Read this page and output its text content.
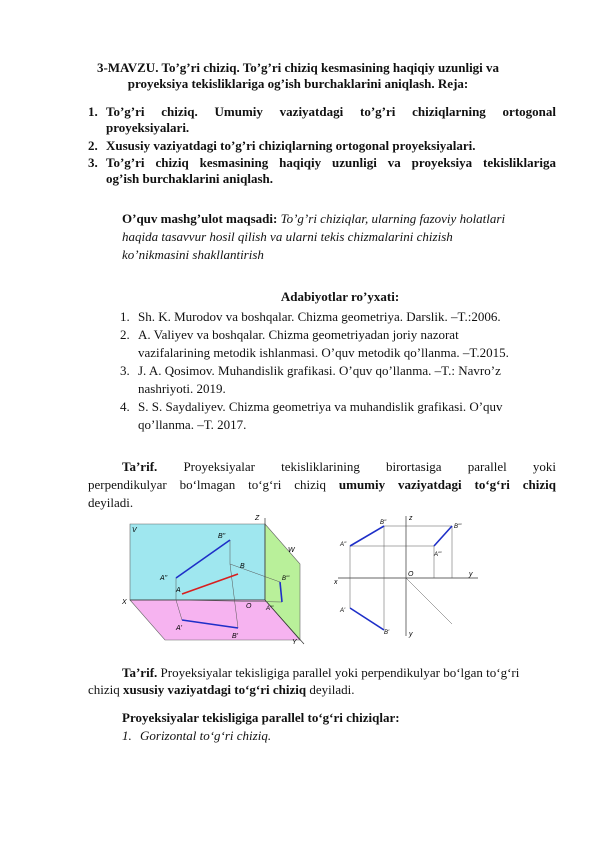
3-MAVZU. To’g’ri chiziq. To’g’ri chiziq kesmasining haqiqiy uzunligi va
proyeksiya tekisliklariga og’ish burchaklarini aniqlash. Reja:
1. To’g’ri chiziq. Umumiy vaziyatdagi to’g’ri chiziqlarning ortogonal
proyeksiyalari.
2. Xususiy vaziyatdagi to’g’ri chiziqlarning ortogonal proyeksiyalari.
3. To’g’ri chiziq kesmasining haqiqiy uzunligi va proyeksiya tekisliklariga
og’ish burchaklarini aniqlash.
O’quv mashg’ulot maqsadi: To’g’ri chiziqlar, ularning fazoviy holatlari
haqida tasavvur hosil qilish va ularni tekis chizmalarini chizish
ko’nikmasini shakllantirish
Adabiyotlar ro’yxati:
1. Sh. K. Murodov va boshqalar. Chizma geometriya. Darslik. –T.:2006.
2. A. Valiyev va boshqalar. Chizma geometriyadan joriy nazorat
vazifalarining metodik ishlanmasi. O’quv metodik qo’llanma. –T.2015.
3. J. A. Qosimov. Muhandislik grafikasi. O’quv qo’llanma. –T.: Navro’z
nashriyoti. 2019.
4. S. S. Saydaliyev. Chizma geometriya va muhandislik grafikasi. O’quv
qo’llanma. –T. 2017.
Ta’rif. Proyeksiyalar tekisliklarining birortasiga parallel yoki
perpendikulyar bo‘lmagan to‘g‘ri chiziq umumiy vaziyatdagi to‘g‘ri chiziq
deyiladi.
V
Z
W
X
Y
O
A"
B"
A
B
A"'
B"'
A'
B'
y
z
x
y
O
A"
B"
A"'
B"'
A'
B'
Ta’rif. Proyeksiyalar tekisligiga parallel yoki perpendikulyar bo‘lgan to‘g‘ri
chiziq xususiy vaziyatdagi to‘g‘ri chiziq deyiladi.
Proyeksiyalar tekisligiga parallel to‘g‘ri chiziqlar:
1. Gorizontal to‘g‘ri chiziq.
